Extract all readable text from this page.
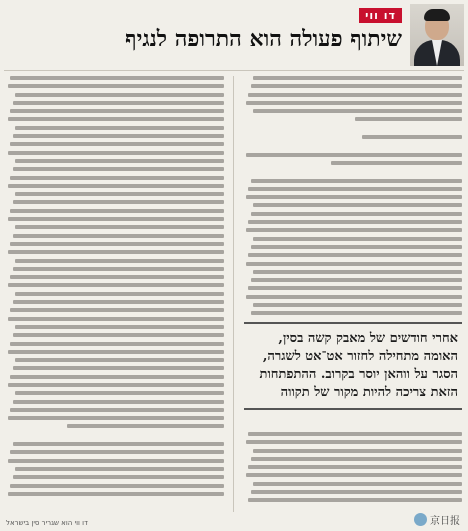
דו ווי
שיתוף פעולה הוא התרופה לנגיף
אחרי חודשים של מאבק קשה בסין, האומה מתחילה לחזור אט־אט לשגרה, הסגר על ווהאן יוסר בקרוב. ההתפתחות הזאת צריכה להיות מקור של תקווה
דו ווי הוא שגריר סין בישראל	京日报
